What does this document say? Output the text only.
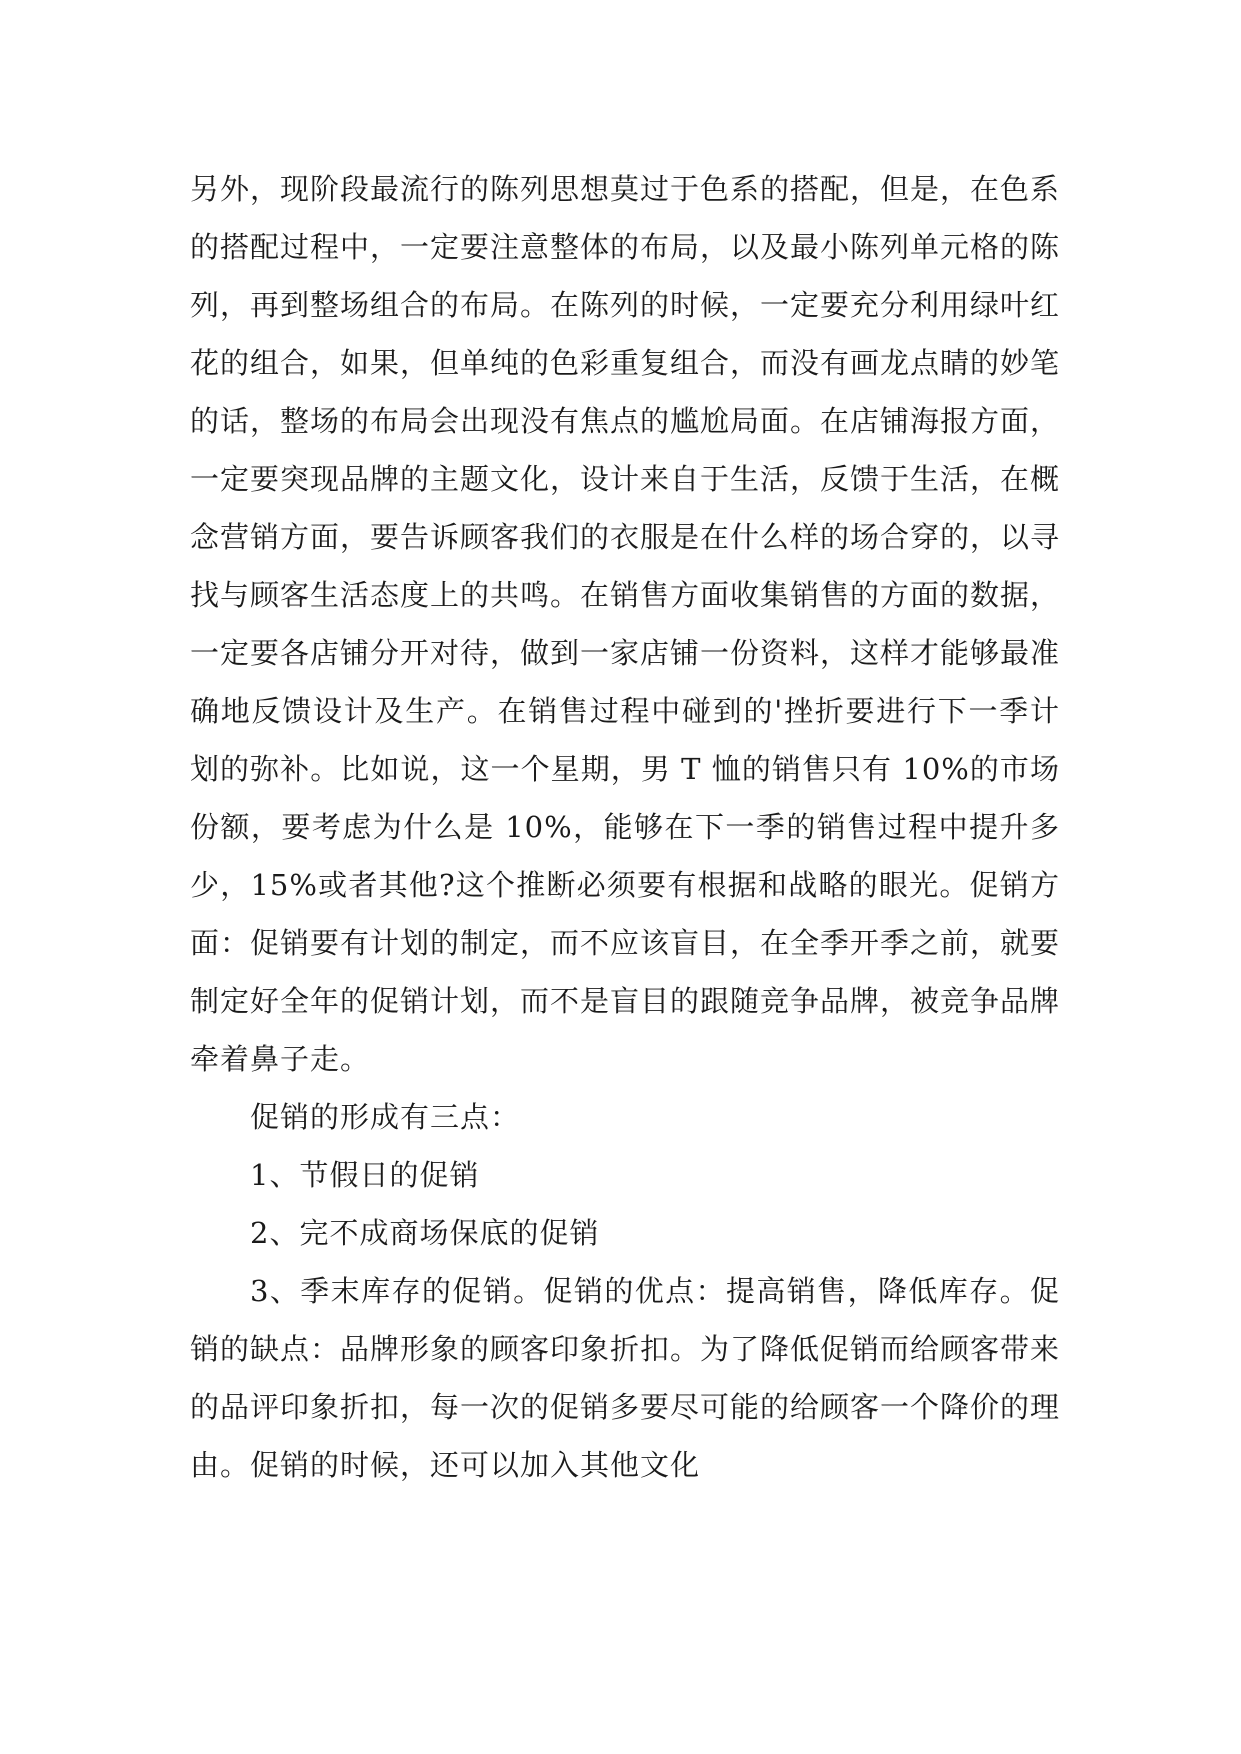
另外，现阶段最流行的陈列思想莫过于色系的搭配，但是，在色系的搭配过程中，一定要注意整体的布局，以及最小陈列单元格的陈列，再到整场组合的布局。在陈列的时候，一定要充分利用绿叶红花的组合，如果，但单纯的色彩重复组合，而没有画龙点睛的妙笔的话，整场的布局会出现没有焦点的尴尬局面。在店铺海报方面，一定要突现品牌的主题文化，设计来自于生活，反馈于生活，在概念营销方面，要告诉顾客我们的衣服是在什么样的场合穿的，以寻找与顾客生活态度上的共鸣。在销售方面收集销售的方面的数据，一定要各店铺分开对待，做到一家店铺一份资料，这样才能够最准确地反馈设计及生产。在销售过程中碰到的'挫折要进行下一季计划的弥补。比如说，这一个星期，男 T 恤的销售只有 10%的市场份额，要考虑为什么是 10%，能够在下一季的销售过程中提升多少，15%或者其他?这个推断必须要有根据和战略的眼光。促销方面：促销要有计划的制定，而不应该盲目，在全季开季之前，就要制定好全年的促销计划，而不是盲目的跟随竞争品牌，被竞争品牌牵着鼻子走。

促销的形成有三点：

1、节假日的促销

2、完不成商场保底的促销

3、季末库存的促销。促销的优点：提高销售，降低库存。促销的缺点：品牌形象的顾客印象折扣。为了降低促销而给顾客带来的品评印象折扣，每一次的促销多要尽可能的给顾客一个降价的理由。促销的时候，还可以加入其他文化
